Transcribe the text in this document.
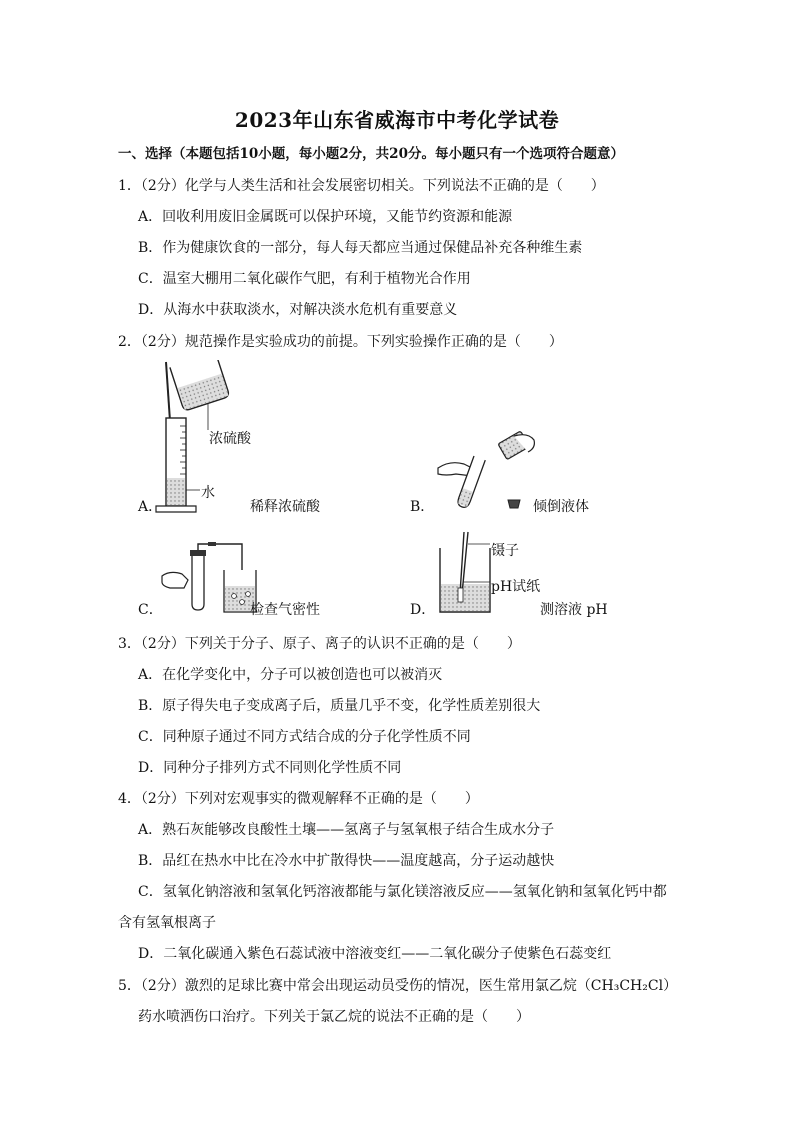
2023年山东省威海市中考化学试卷
一、选择（本题包括10小题，每小题2分，共20分。每小题只有一个选项符合题意）
1．（2分）化学与人类生活和社会发展密切相关。下列说法不正确的是（　　）
A．回收利用废旧金属既可以保护环境，又能节约资源和能源
B．作为健康饮食的一部分，每人每天都应当通过保健品补充各种维生素
C．温室大棚用二氧化碳作气肥，有利于植物光合作用
D．从海水中获取淡水，对解决淡水危机有重要意义
2．（2分）规范操作是实验成功的前提。下列实验操作正确的是（　　）
浓硫酸
水
A．	稀释浓硫酸	B．	倾倒液体
C．	检查气密性
镊子
pH试纸
D．	测溶液 pH
3．（2分）下列关于分子、原子、离子的认识不正确的是（　　）
A．在化学变化中，分子可以被创造也可以被消灭
B．原子得失电子变成离子后，质量几乎不变，化学性质差别很大
C．同种原子通过不同方式结合成的分子化学性质不同
D．同种分子排列方式不同则化学性质不同
4．（2分）下列对宏观事实的微观解释不正确的是（　　）
A．熟石灰能够改良酸性土壤——氢离子与氢氧根子结合生成水分子
B．品红在热水中比在冷水中扩散得快——温度越高，分子运动越快
C．氢氧化钠溶液和氢氧化钙溶液都能与氯化镁溶液反应——氢氧化钠和氢氧化钙中都
含有氢氧根离子
D．二氧化碳通入紫色石蕊试液中溶液变红——二氧化碳分子使紫色石蕊变红
5．（2分）激烈的足球比赛中常会出现运动员受伤的情况，医生常用氯乙烷（CH₃CH₂Cl）
药水喷洒伤口治疗。下列关于氯乙烷的说法不正确的是（　　）
